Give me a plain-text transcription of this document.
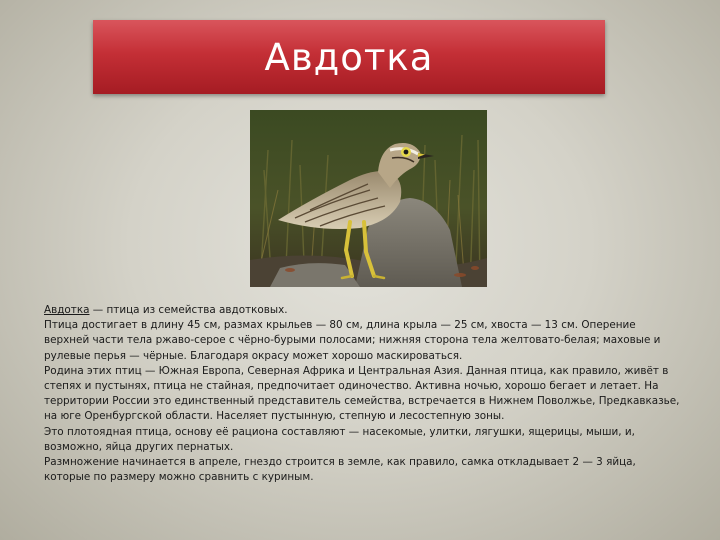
Авдотка

Авдотка — птица из семейства авдотковых.

Птица достигает в длину 45 см, размах крыльев — 80 см, длина крыла — 25 см, хвоста — 13 см. Оперение верхней части тела ржаво-серое с чёрно-бурыми полосами; нижняя сторона тела желтовато-белая; маховые и рулевые перья — чёрные. Благодаря окрасу может хорошо маскироваться.

Родина этих птиц — Южная Европа, Северная Африка и Центральная Азия. Данная птица, как правило, живёт в степях и пустынях, птица не стайная, предпочитает одиночество. Активна ночью, хорошо бегает и летает. На территории России это единственный представитель семейства, встречается в Нижнем Поволжье, Предкавказье, на юге Оренбургской области. Населяет пустынную, степную и лесостепную зоны.

Это плотоядная птица, основу её рациона составляют — насекомые, улитки, лягушки, ящерицы, мыши, и, возможно, яйца других пернатых.

Размножение начинается в апреле, гнездо строится в земле, как правило, самка откладывает 2 — 3 яйца, которые по размеру можно сравнить с куриным.
